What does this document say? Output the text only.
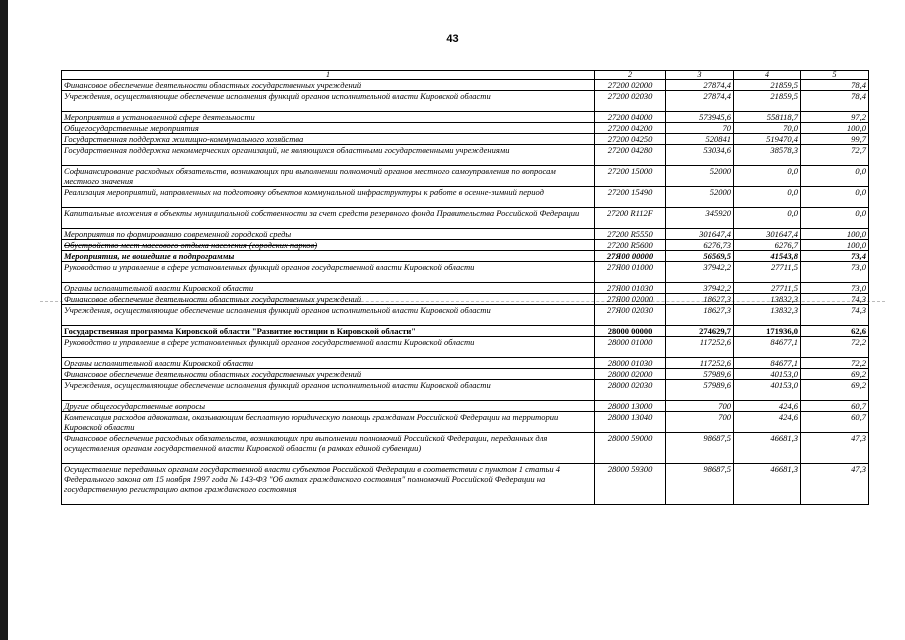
43
1	2	3	4	5
Финансовое обеспечение деятельности областных государственных учреждений	27200 02000	27874,4	21859,5	78,4
Учреждения, осуществляющие обеспечение исполнения функций органов исполнительной власти Кировской области	27200 02030	27874,4	21859,5	78,4
Мероприятия в установленной сфере деятельности	27200 04000	573945,6	558118,7	97,2
Общегосударственные мероприятия	27200 04200	70	70,0	100,0
Государственная поддержка жилищно-коммунального хозяйства	27200 04250	520841	519470,4	99,7
Государственная поддержка некоммерческих организаций, не являющихся областными государственными учреждениями	27200 04280	53034,6	38578,3	72,7
Софинансирование расходных обязательств, возникающих при выполнении полномочий органов местного самоуправления по вопросам местного значения	27200 15000	52000	0,0	0,0
Реализация мероприятий, направленных на подготовку объектов коммунальной инфраструктуры к работе в осенне-зимний период	27200 15490	52000	0,0	0,0
Капитальные вложения в объекты муниципальной собственности за счет средств резервного фонда Правительства Российской Федерации	27200 R112F	345920	0,0	0,0
Мероприятия по формированию современной городской среды	27200 R5550	301647,4	301647,4	100,0
Обустройство мест массового отдыха населения (городских парков)	27200 R5600	6276,73	6276,7	100,0
Мероприятия, не вошедшие в подпрограммы	27Я00 00000	56569,5	41543,8	73,4
Руководство и управление в сфере установленных функций органов государственной власти Кировской области	27Я00 01000	37942,2	27711,5	73,0
Органы исполнительной власти Кировской области	27Я00 01030	37942,2	27711,5	73,0
Финансовое обеспечение деятельности областных государственных учреждений	27Я00 02000	18627,3	13832,3	74,3
Учреждения, осуществляющие обеспечение исполнения функций органов исполнительной власти Кировской области	27Я00 02030	18627,3	13832,3	74,3
Государственная программа Кировской области "Развитие юстиции в Кировской области"	28000 00000	274629,7	171936,0	62,6
Руководство и управление в сфере установленных функций органов государственной власти Кировской области	28000 01000	117252,6	84677,1	72,2
Органы исполнительной власти Кировской области	28000 01030	117252,6	84677,1	72,2
Финансовое обеспечение деятельности областных государственных учреждений	28000 02000	57989,6	40153,0	69,2
Учреждения, осуществляющие обеспечение исполнения функций органов исполнительной власти Кировской области	28000 02030	57989,6	40153,0	69,2
Другие общегосударственные вопросы	28000 13000	700	424,6	60,7
Компенсация расходов адвокатам, оказывающим бесплатную юридическую помощь гражданам Российской Федерации на территории Кировской области	28000 13040	700	424,6	60,7
Финансовое обеспечение расходных обязательств, возникающих при выполнении полномочий Российской Федерации, переданных для осуществления органам государственной власти Кировской области (в рамках единой субвенции)	28000 59000	98687,5	46681,3	47,3
Осуществление переданных органам государственной власти субъектов Российской Федерации в соответствии с пунктом 1 статьи 4 Федерального закона от 15 ноября 1997 года № 143-ФЗ "Об актах гражданского состояния" полномочий Российской Федерации на государственную регистрацию актов гражданского состояния	28000 59300	98687,5	46681,3	47,3
